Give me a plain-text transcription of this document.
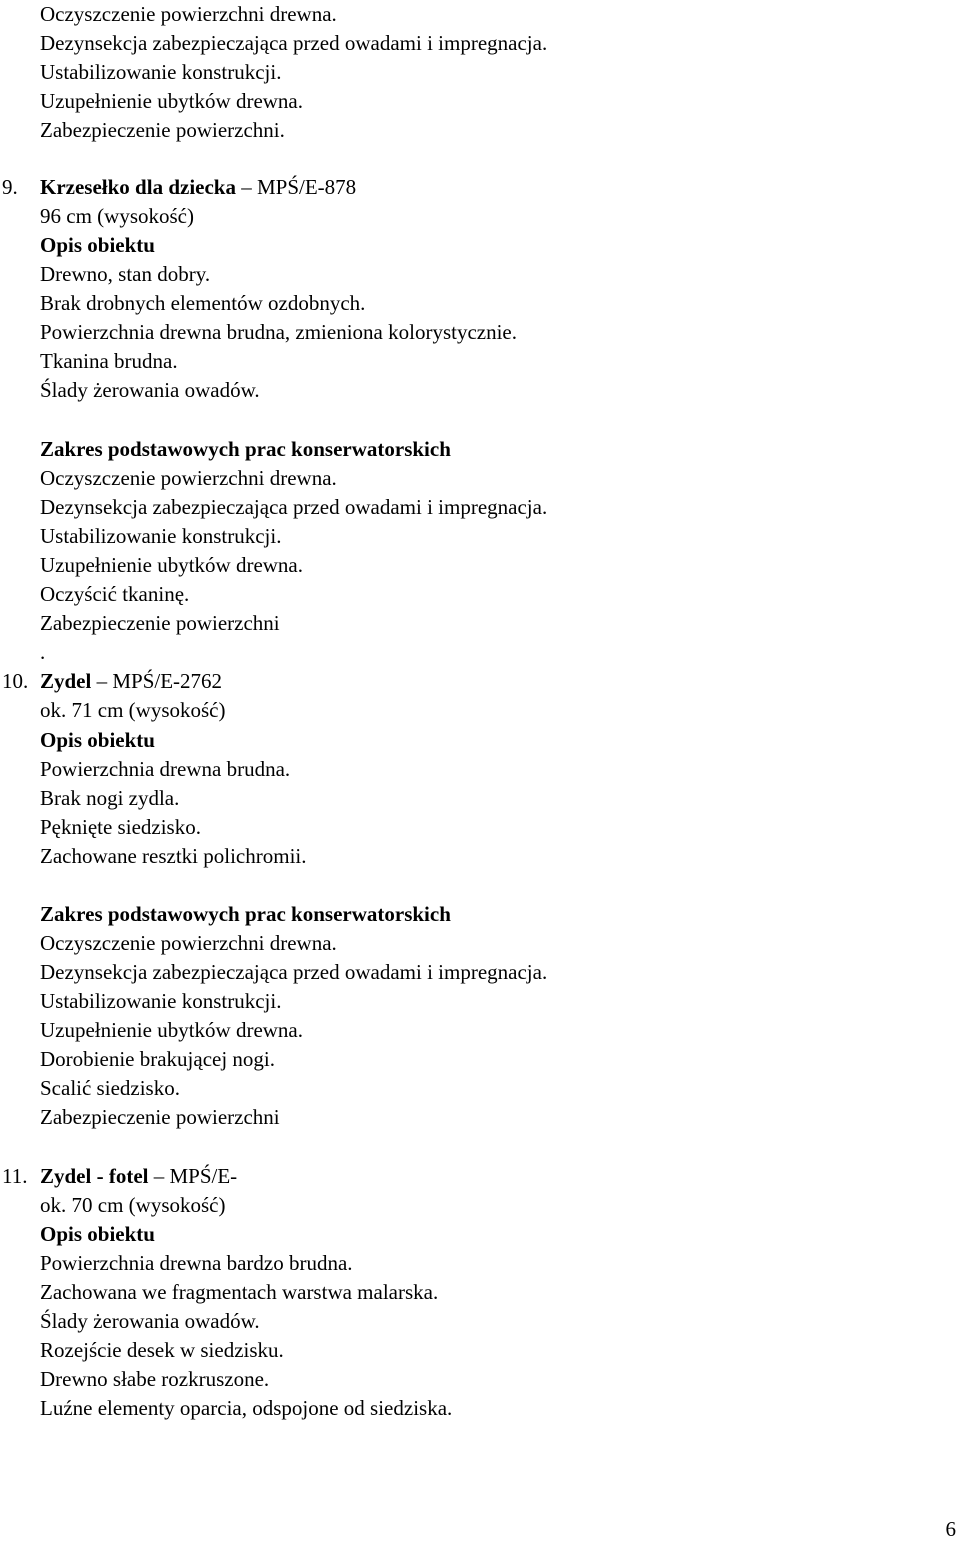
Oczyszczenie powierzchni drewna.
Dezynsekcja zabezpieczająca przed owadami i impregnacja.
Ustabilizowanie konstrukcji.
Uzupełnienie ubytków drewna.
Zabezpieczenie powierzchni.
9. Krzesełko dla dziecka – MPŚ/E-878
96 cm (wysokość)
Opis obiektu
Drewno, stan dobry.
Brak drobnych elementów ozdobnych.
Powierzchnia drewna brudna, zmieniona kolorystycznie.
Tkanina brudna.
Ślady żerowania owadów.
Zakres podstawowych prac konserwatorskich
Oczyszczenie powierzchni drewna.
Dezynsekcja zabezpieczająca przed owadami i impregnacja.
Ustabilizowanie konstrukcji.
Uzupełnienie ubytków drewna.
Oczyścić tkaninę.
Zabezpieczenie powierzchni
.
10. Zydel – MPŚ/E-2762
ok. 71 cm (wysokość)
Opis obiektu
Powierzchnia drewna brudna.
Brak nogi zydla.
Pęknięte siedzisko.
Zachowane resztki polichromii.
Zakres podstawowych prac konserwatorskich
Oczyszczenie powierzchni drewna.
Dezynsekcja zabezpieczająca przed owadami i impregnacja.
Ustabilizowanie konstrukcji.
Uzupełnienie ubytków drewna.
Dorobienie brakującej nogi.
Scalić siedzisko.
Zabezpieczenie powierzchni
11. Zydel - fotel – MPŚ/E-
ok. 70 cm (wysokość)
Opis obiektu
Powierzchnia drewna bardzo brudna.
Zachowana we fragmentach warstwa malarska.
Ślady żerowania owadów.
Rozejście desek w siedzisku.
Drewno słabe rozkruszone.
Luźne elementy oparcia, odspojone od siedziska.
6
